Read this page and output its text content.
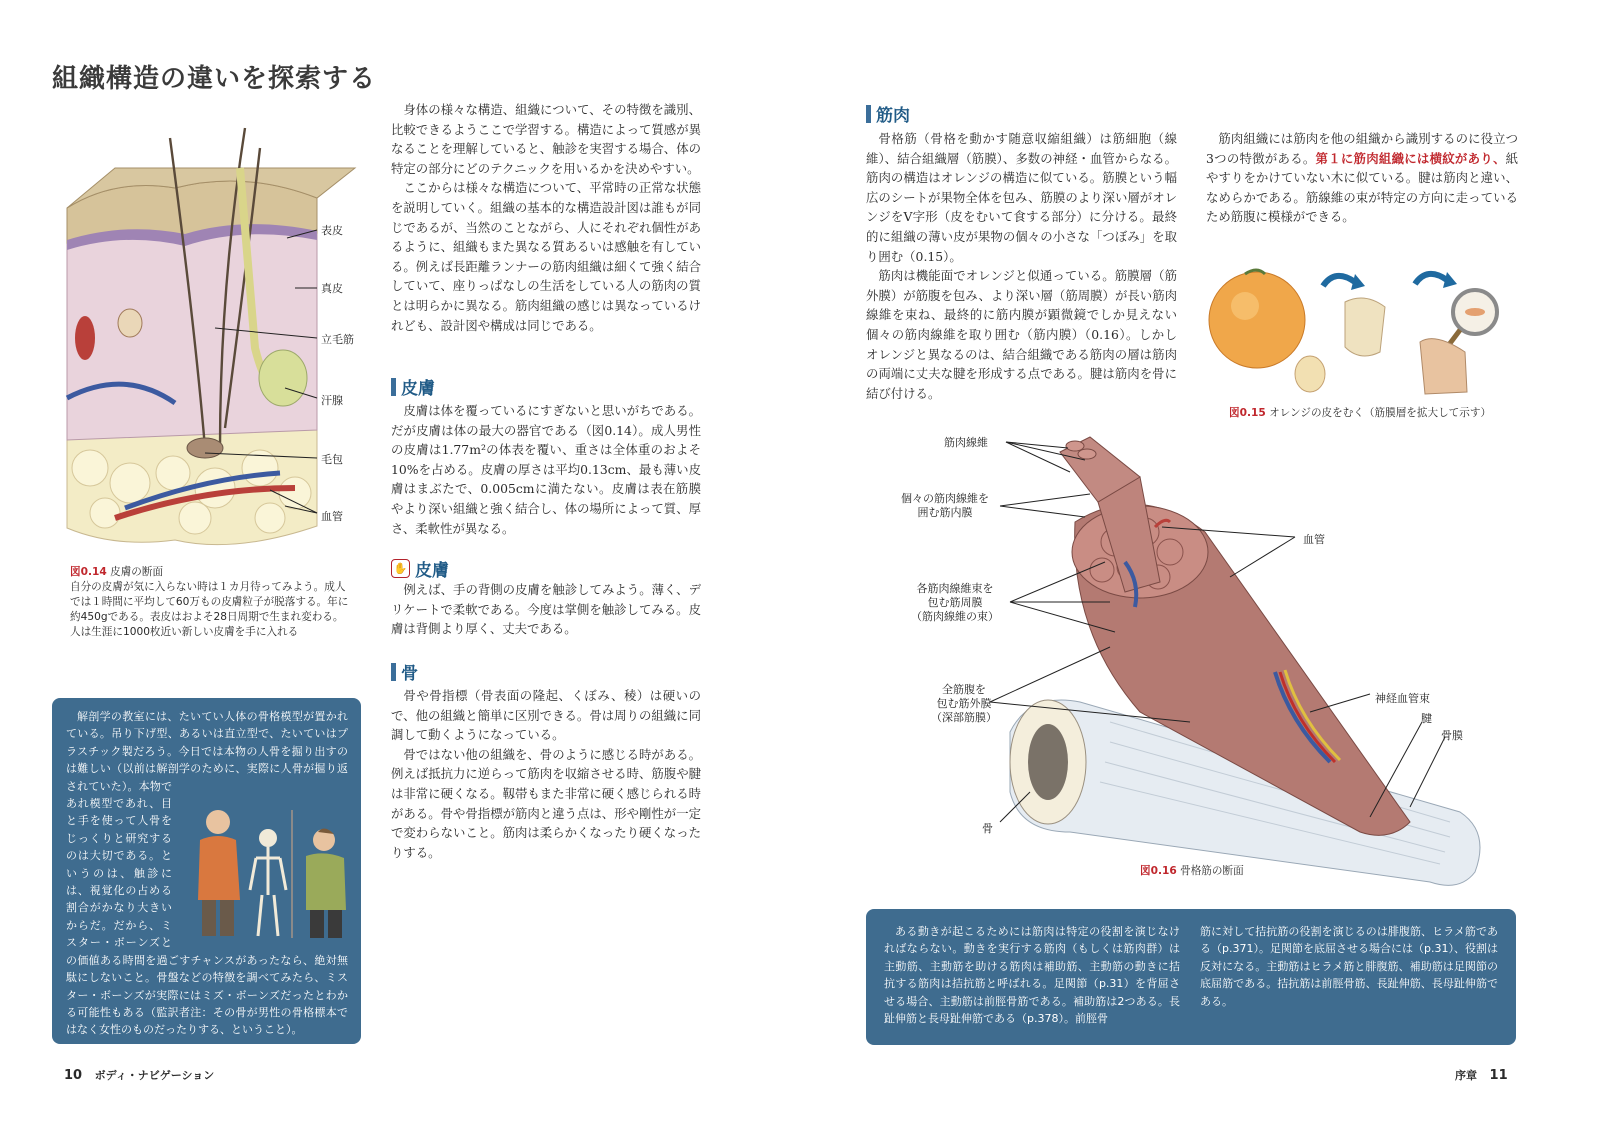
組織構造の違いを探索する
表皮
真皮
立毛筋
汗腺
毛包
血管
図0.14 皮膚の断面
自分の皮膚が気に入らない時は１カ月待ってみよう。成人では１時間に平均して60万もの皮膚粒子が脱落する。年に約450gである。表皮はおよそ28日周期で生まれ変わる。人は生涯に1000枚近い新しい皮膚を手に入れる
解剖学の教室には、たいてい人体の骨格模型が置かれている。吊り下げ型、あるいは直立型で、たいていはプラスチック製だろう。今日では本物の人骨を掘り出すのは難しい（以前は解剖学のために、実際に人骨が掘り返されていた）。本物であれ模型であれ、目と手を使って人骨をじっくりと研究するのは大切である。というのは、触診には、視覚化の占める割合がかなり大きいからだ。だから、ミスター・ボーンズとの価値ある時間を過ごすチャンスがあったなら、絶対無駄にしないこと。骨盤などの特徴を調べてみたら、ミスター・ボーンズが実際にはミズ・ボーンズだったとわかる可能性もある（監訳者注：その骨が男性の骨格標本ではなく女性のものだったりする、ということ）。

身体の様々な構造、組織について、その特徴を識別、比較できるようここで学習する。構造によって質感が異なることを理解していると、触診を実習する場合、体の特定の部分にどのテクニックを用いるかを決めやすい。

ここからは様々な構造について、平常時の正常な状態を説明していく。組織の基本的な構造設計図は誰もが同じであるが、当然のことながら、人にそれぞれ個性があるように、組織もまた異なる質あるいは感触を有している。例えば長距離ランナーの筋肉組織は細くて強く結合していて、座りっぱなしの生活をしている人の筋肉の質とは明らかに異なる。筋肉組織の感じは異なっているけれども、設計図や構成は同じである。

皮膚

皮膚は体を覆っているにすぎないと思いがちである。だが皮膚は体の最大の器官である（図0.14）。成人男性の皮膚は1.77m²の体表を覆い、重さは全体重のおよそ10%を占める。皮膚の厚さは平均0.13cm、最も薄い皮膚はまぶたで、0.005cmに満たない。皮膚は表在筋膜やより深い組織と強く結合し、体の場所によって質、厚さ、柔軟性が異なる。

✋ 皮膚

例えば、手の背側の皮膚を触診してみよう。薄く、デリケートで柔軟である。今度は掌側を触診してみる。皮膚は背側より厚く、丈夫である。

骨

骨や骨指標（骨表面の隆起、くぼみ、稜）は硬いので、他の組織と簡単に区別できる。骨は周りの組織に同調して動くようになっている。

骨ではない他の組織を、骨のように感じる時がある。例えば抵抗力に逆らって筋肉を収縮させる時、筋腹や腱は非常に硬くなる。靱帯もまた非常に硬く感じられる時がある。骨や骨指標が筋肉と違う点は、形や剛性が一定で変わらないこと。筋肉は柔らかくなったり硬くなったりする。

筋肉

骨格筋（骨格を動かす随意収縮組織）は筋細胞（線維）、結合組織層（筋膜）、多数の神経・血管からなる。筋肉の構造はオレンジの構造に似ている。筋膜という幅広のシートが果物全体を包み、筋膜のより深い層がオレンジをV字形（皮をむいて食する部分）に分ける。最終的に組織の薄い皮が果物の個々の小さな「つぼみ」を取り囲む（0.15）。

筋肉は機能面でオレンジと似通っている。筋膜層（筋外膜）が筋腹を包み、より深い層（筋周膜）が長い筋肉線維を束ね、最終的に筋内膜が顕微鏡でしか見えない個々の筋肉線維を取り囲む（筋内膜）（0.16）。しかしオレンジと異なるのは、結合組織である筋肉の層は筋肉の両端に丈夫な腱を形成する点である。腱は筋肉を骨に結び付ける。

筋肉組織には筋肉を他の組織から識別するのに役立つ3つの特徴がある。第１に筋肉組織には横紋があり、紙やすりをかけていない木に似ている。腱は筋肉と違い、なめらかである。筋線維の束が特定の方向に走っているため筋腹に模様ができる。

図0.15 オレンジの皮をむく（筋膜層を拡大して示す）
筋肉線維
個々の筋肉線維を
囲む筋内膜
各筋肉線維束を
包む筋周膜
（筋肉線維の束）
全筋腹を
包む筋外膜
（深部筋膜）
骨
血管
神経血管束
腱
骨膜
図0.16 骨格筋の断面
ある動きが起こるためには筋肉は特定の役割を演じなければならない。動きを実行する筋肉（もしくは筋肉群）は主動筋、主動筋を助ける筋肉は補助筋、主動筋の動きに拮抗する筋肉は拮抗筋と呼ばれる。足関節（p.31）を背屈させる場合、主動筋は前脛骨筋である。補助筋は2つある。長趾伸筋と長母趾伸筋である（p.378）。前脛骨
筋に対して拮抗筋の役割を演じるのは腓腹筋、ヒラメ筋である（p.371）。足関節を底屈させる場合には（p.31）、役割は反対になる。主動筋はヒラメ筋と腓腹筋、補助筋は足関節の底屈筋である。拮抗筋は前脛骨筋、長趾伸筋、長母趾伸筋である。
10 ボディ・ナビゲーション	序章 11
